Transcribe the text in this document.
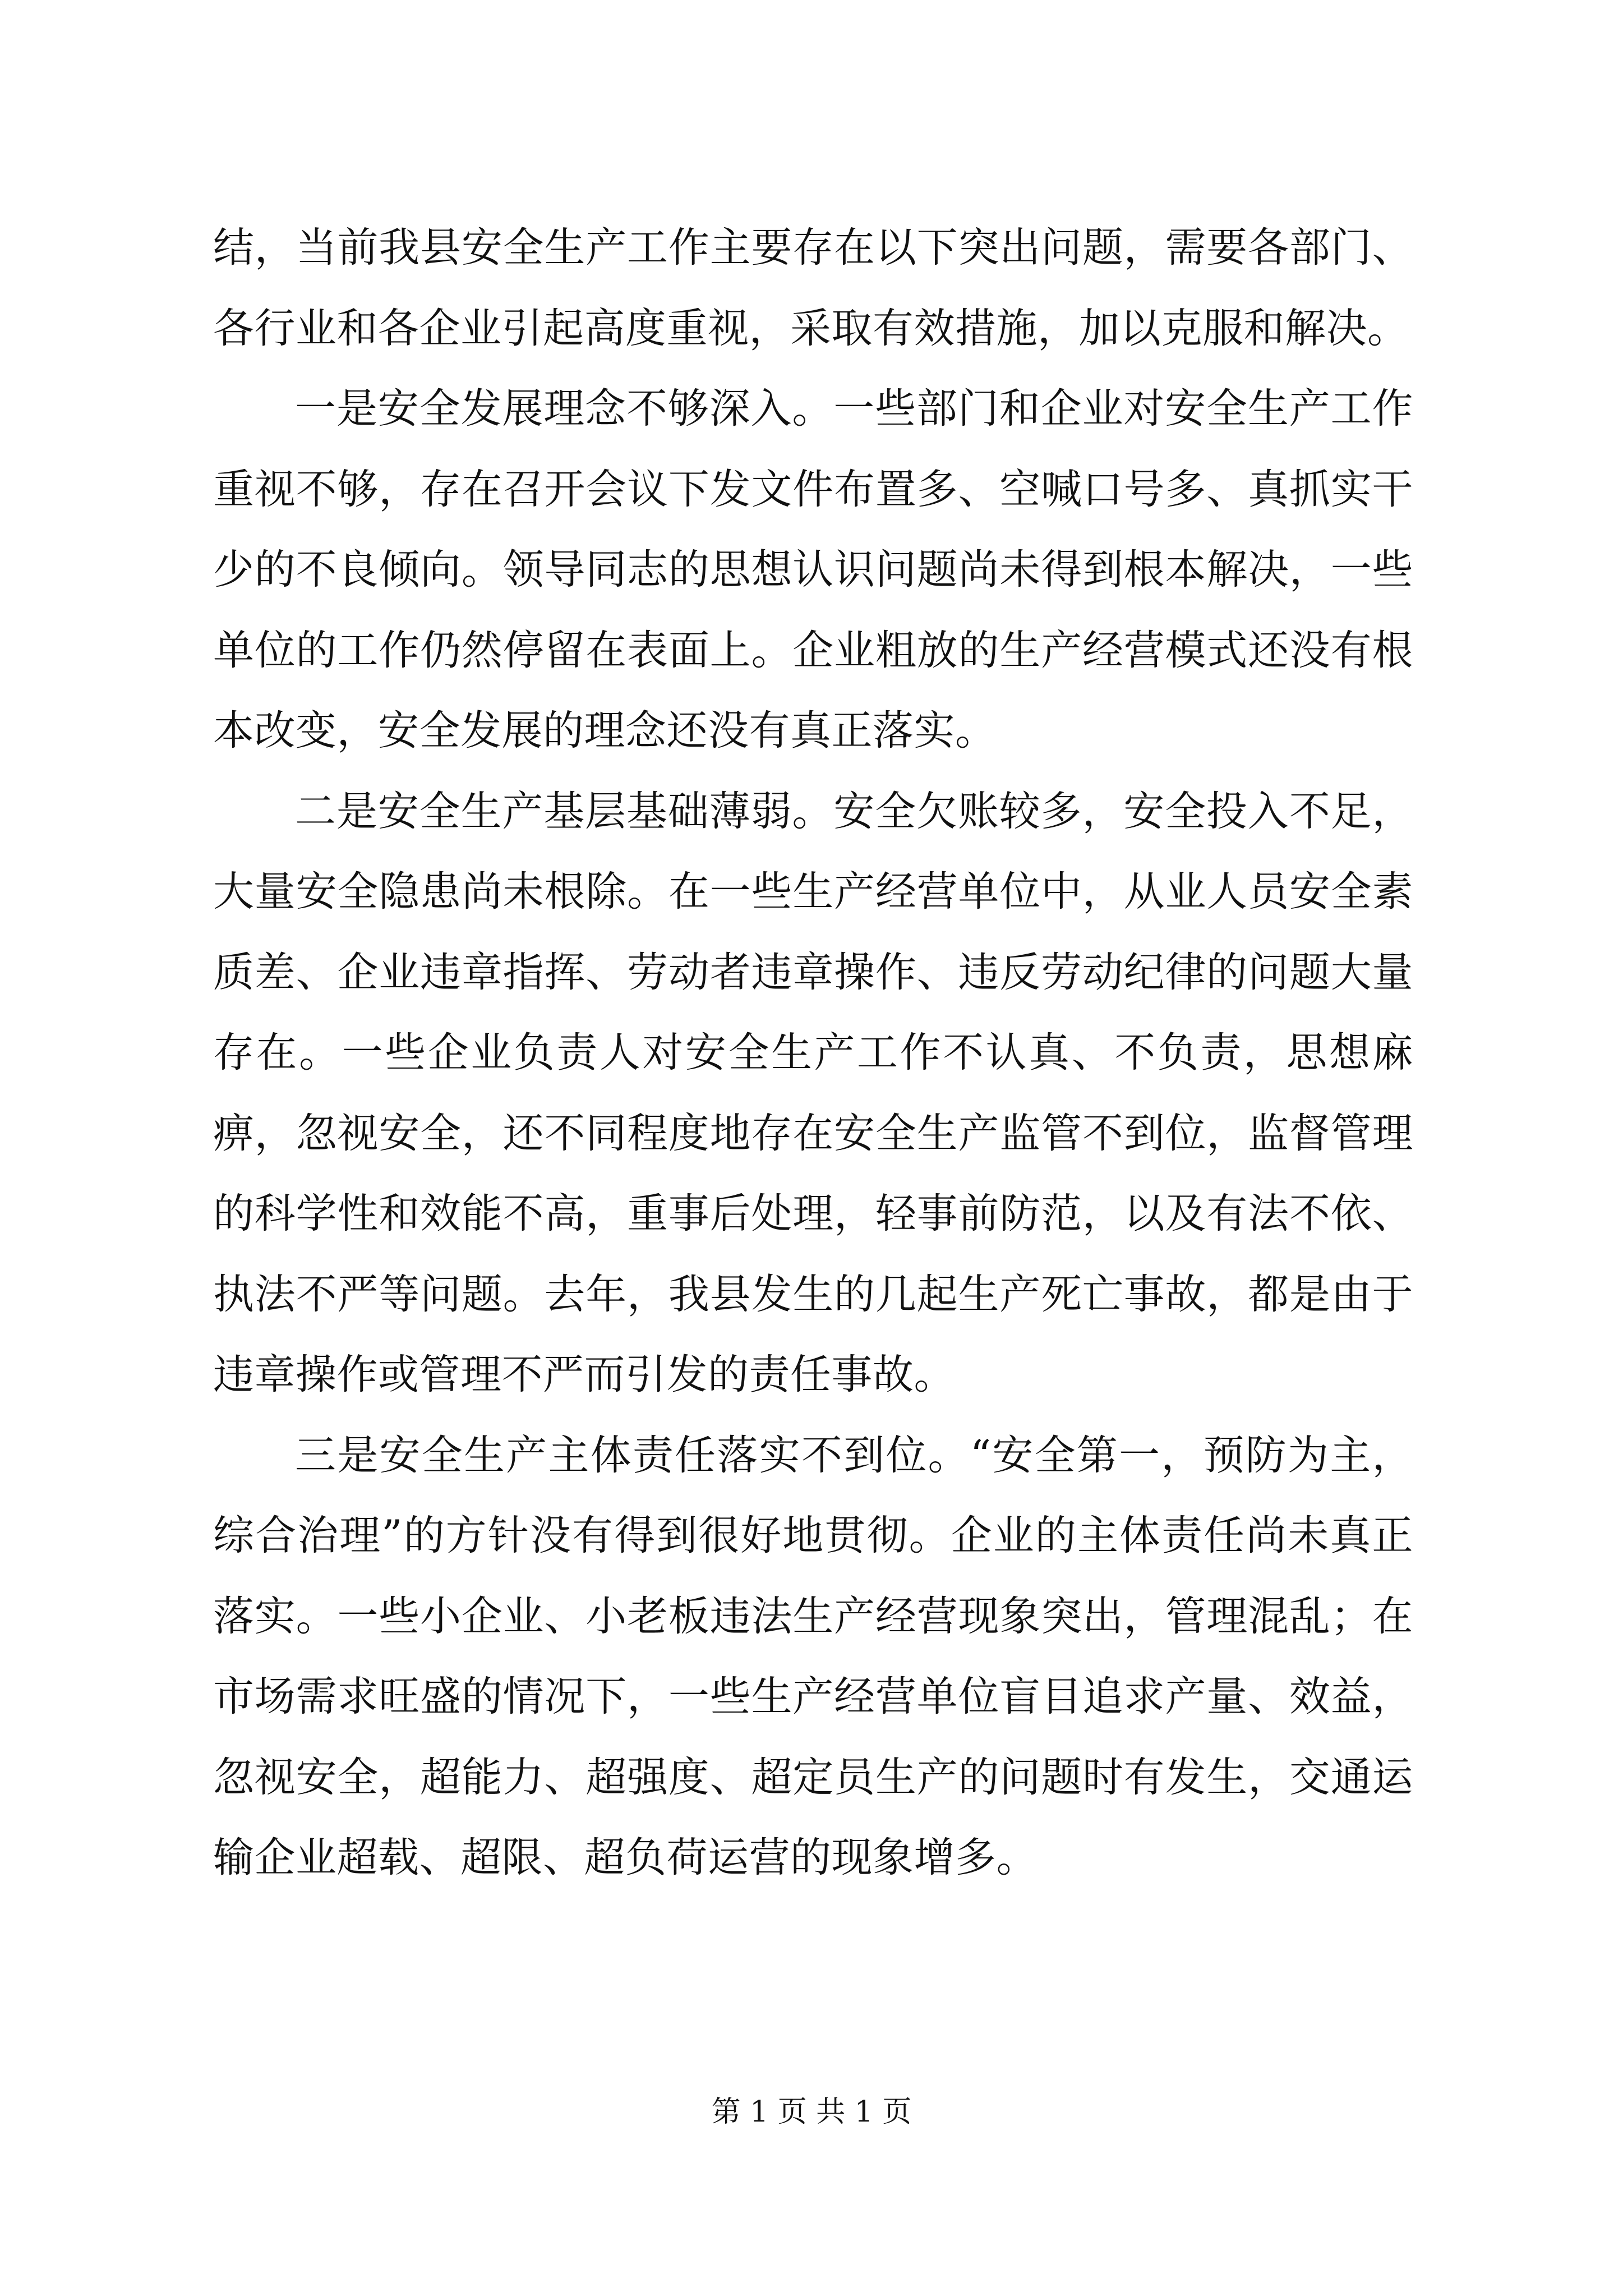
结，当前我县安全生产工作主要存在以下突出问题，需要各部门、各行业和各企业引起高度重视，采取有效措施，加以克服和解决。

一是安全发展理念不够深入。一些部门和企业对安全生产工作重视不够，存在召开会议下发文件布置多、空喊口号多、真抓实干少的不良倾向。领导同志的思想认识问题尚未得到根本解决，一些单位的工作仍然停留在表面上。企业粗放的生产经营模式还没有根本改变，安全发展的理念还没有真正落实。

二是安全生产基层基础薄弱。安全欠账较多，安全投入不足，大量安全隐患尚未根除。在一些生产经营单位中，从业人员安全素质差、企业违章指挥、劳动者违章操作、违反劳动纪律的问题大量存在。一些企业负责人对安全生产工作不认真、不负责，思想麻痹，忽视安全，还不同程度地存在安全生产监管不到位，监督管理的科学性和效能不高，重事后处理，轻事前防范，以及有法不依、执法不严等问题。去年，我县发生的几起生产死亡事故，都是由于违章操作或管理不严而引发的责任事故。

三是安全生产主体责任落实不到位。“安全第一，预防为主，综合治理”的方针没有得到很好地贯彻。企业的主体责任尚未真正落实。一些小企业、小老板违法生产经营现象突出，管理混乱；在市场需求旺盛的情况下，一些生产经营单位盲目追求产量、效益，忽视安全，超能力、超强度、超定员生产的问题时有发生，交通运输企业超载、超限、超负荷运营的现象增多。

第 1 页 共 1 页
